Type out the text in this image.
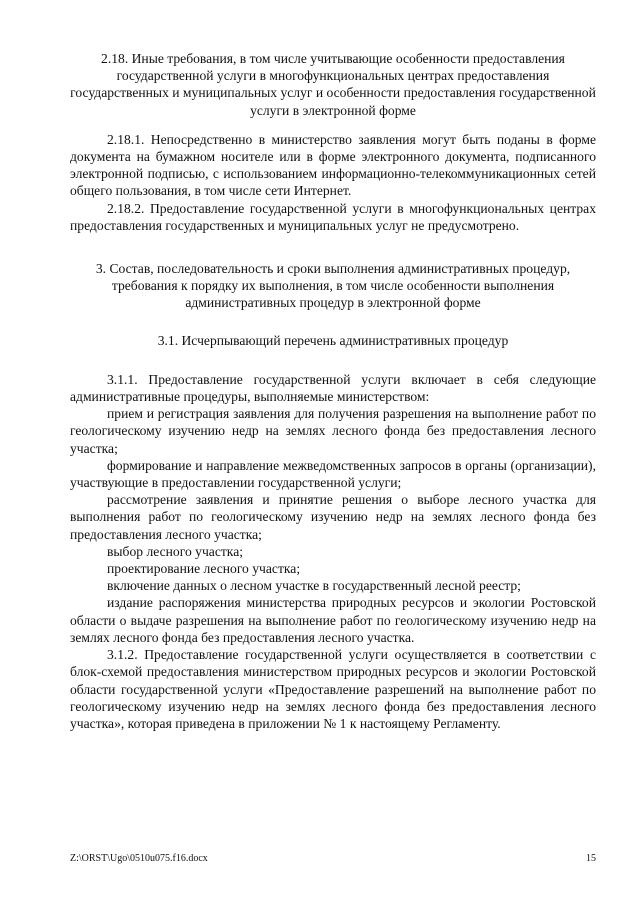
2.18. Иные требования, в том числе учитывающие особенности предоставления государственной услуги в многофункциональных центрах предоставления государственных и муниципальных услуг и особенности предоставления государственной услуги в электронной форме

2.18.1. Непосредственно в министерство заявления могут быть поданы в форме документа на бумажном носителе или в форме электронного документа, подписанного электронной подписью, с использованием информационно-телекоммуникационных сетей общего пользования, в том числе сети Интернет.

2.18.2. Предоставление государственной услуги в многофункциональных центрах предоставления государственных и муниципальных услуг не предусмотрено.

3. Состав, последовательность и сроки выполнения административных процедур, требования к порядку их выполнения, в том числе особенности выполнения административных процедур в электронной форме

3.1. Исчерпывающий перечень административных процедур

3.1.1. Предоставление государственной услуги включает в себя следующие административные процедуры, выполняемые министерством:

прием и регистрация заявления для получения разрешения на выполнение работ по геологическому изучению недр на землях лесного фонда без предоставления лесного участка;

формирование и направление межведомственных запросов в органы (организации), участвующие в предоставлении государственной услуги;

рассмотрение заявления и принятие решения о выборе лесного участка для выполнения работ по геологическому изучению недр на землях лесного фонда без предоставления лесного участка;

выбор лесного участка;

проектирование лесного участка;

включение данных о лесном участке в государственный лесной реестр;

издание распоряжения министерства природных ресурсов и экологии Ростовской области о выдаче разрешения на выполнение работ по геологическому изучению недр на землях лесного фонда без предоставления лесного участка.

3.1.2. Предоставление государственной услуги осуществляется в соответствии с блок-схемой предоставления министерством природных ресурсов и экологии Ростовской области государственной услуги «Предоставление разрешений на выполнение работ по геологическому изучению недр на землях лесного фонда без предоставления лесного участка», которая приведена в приложении № 1 к настоящему Регламенту.

Z:\ORST\Ugo\0510u075.f16.docx	15
